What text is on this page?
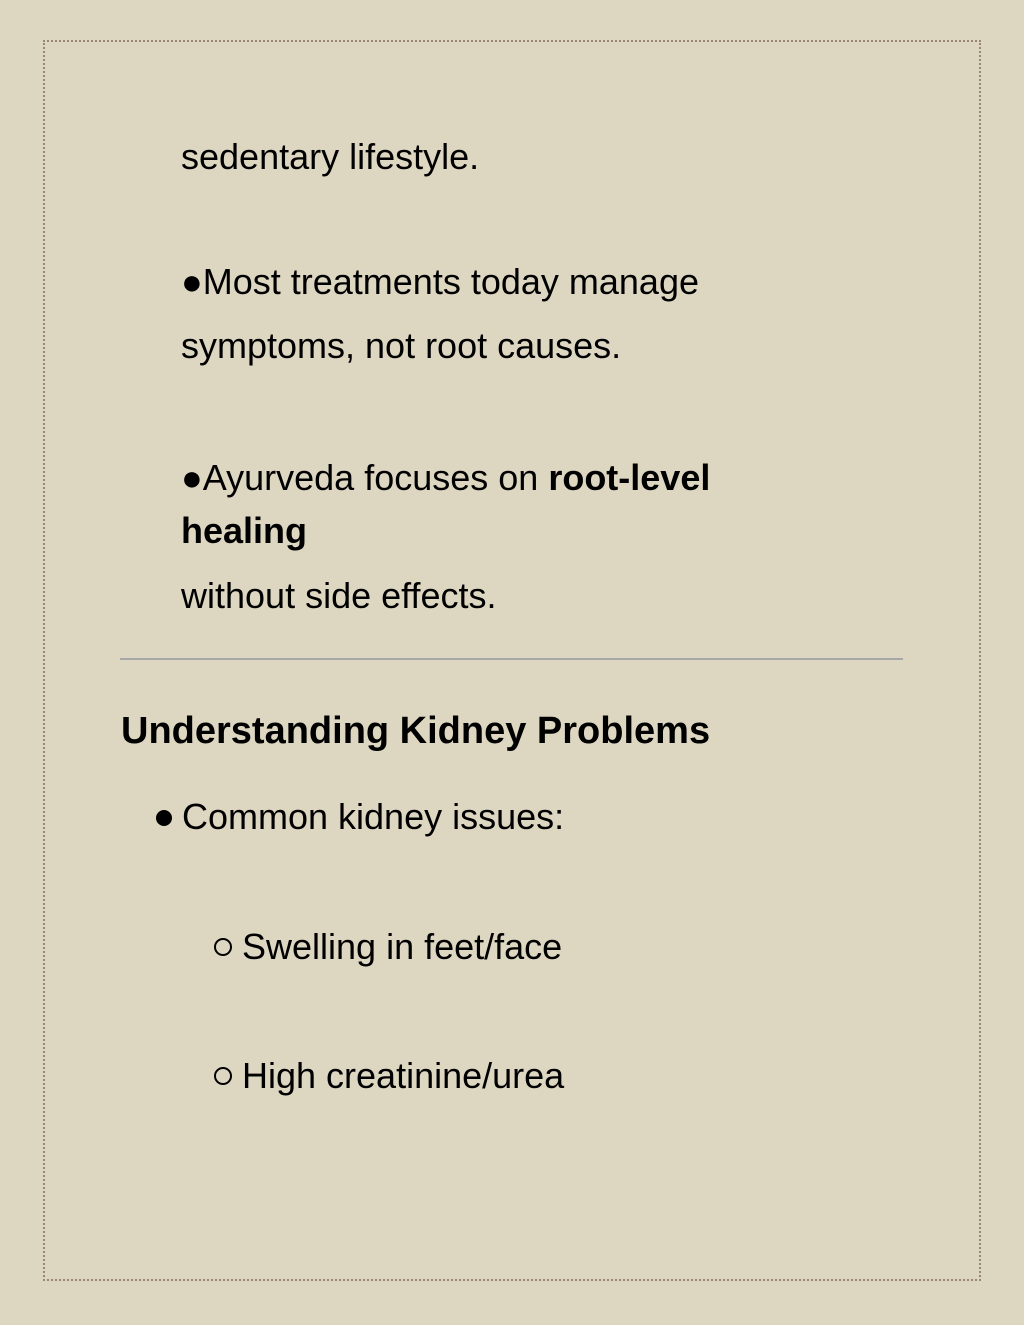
sedentary lifestyle.
●Most treatments today manage
symptoms, not root causes.
●Ayurveda focuses on root-level
healing
without side effects.
Understanding Kidney Problems
Common kidney issues:
Swelling in feet/face
High creatinine/urea
